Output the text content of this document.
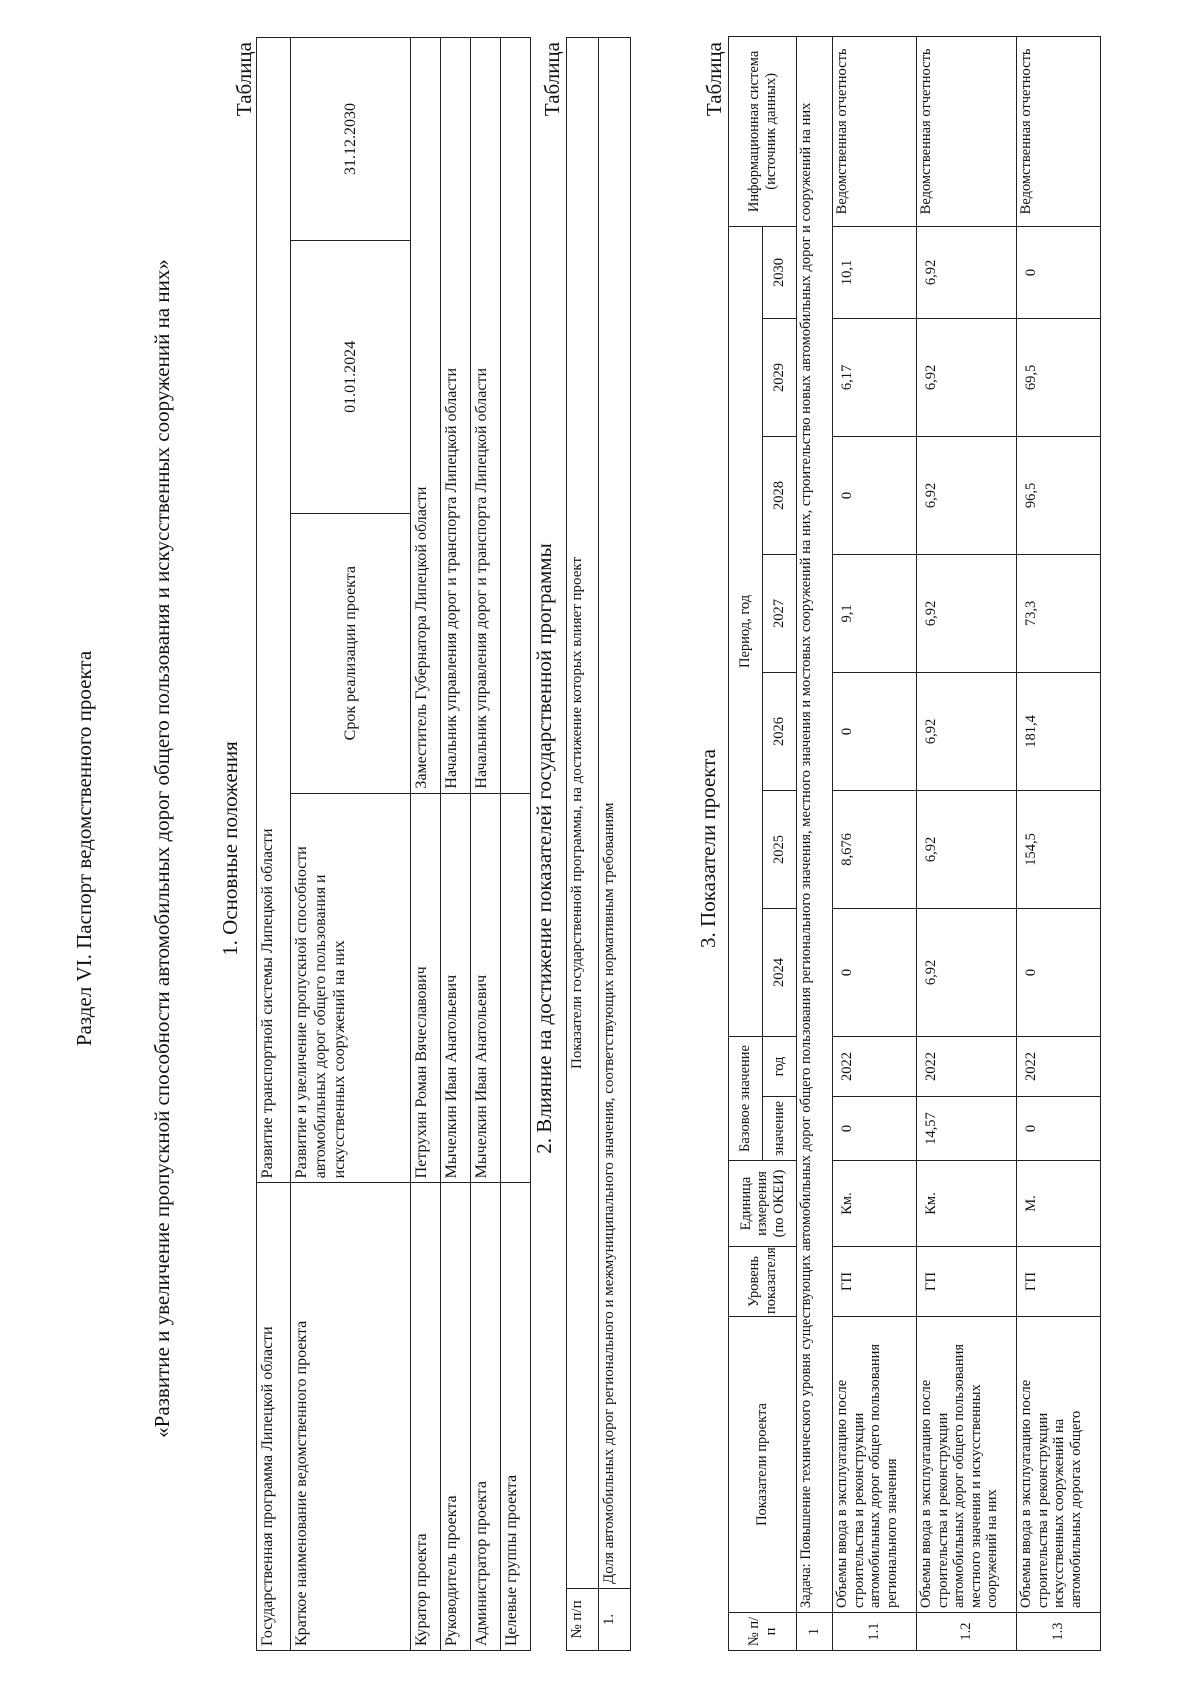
Раздел VI. Паспорт ведомственного проекта	«Развитие и увеличение пропускной способности автомобильных дорог общего пользования и искусственных сооружений на них» 1. Основные положения
Таблица
Государственная программа Липецкой области	Развитие транспортной системы Липецкой области			
Краткое наименование ведомственного проекта	Развитие и увеличение пропускной способности автомобильных дорог общего пользования и искусственных сооружений на них	Срок реализации проекта	01.01.2024	31.12.2030
Куратор проекта	Петрухин Роман Вячеславович	Заместитель Губернатора Липецкой области		
Руководитель проекта	Мычелкин Иван Анатольевич	Начальник управления дорог и транспорта Липецкой области		
Администратор проекта	Мычелкин Иван Анатольевич	Начальник управления дорог и транспорта Липецкой области		
Целевые группы проекта				
2. Влияние на достижение показателей государственной программы
Таблица
№ п/п	Показатели государственной программы, на достижение которых влияет проект
1.	Доля автомобильных дорог регионального и межмуниципального значения, соответствующих нормативным требованиям	3. Показатели проекта
Таблица
№ п/п	Показатели проекта	Уровень показателя	Единица измерения (по ОКЕИ)	Базовое значение		Период, год							Информационная система (источник данных)
				значение	год	2024	2025	2026	2027	2028	2029	2030	
1	Задача: Повышение технического уровня существующих автомобильных дорог общего пользования регионального значения, местного значения и мостовых сооружений на них, строительство новых автомобильных дорог и сооружений на них												
1.1	Объемы ввода в эксплуатацию после строительства и реконструкции автомобильных дорог общего пользования регионального значения	ГП	Км.	0	2022	0	8,676	0	9,1	0	6,17	10,1	Ведомственная отчетность
1.2	Объемы ввода в эксплуатацию после строительства и реконструкции автомобильных дорог общего пользования местного значения и искусственных сооружений на них	ГП	Км.	14,57	2022	6,92	6,92	6,92	6,92	6,92	6,92	6,92	Ведомственная отчетность
1.3	Объемы ввода в эксплуатацию после строительства и реконструкции искусственных сооружений на автомобильных дорогах общего	ГП	М.	0	2022	0	154,5	181,4	73,3	96,5	69,5	0	Ведомственная отчетность
